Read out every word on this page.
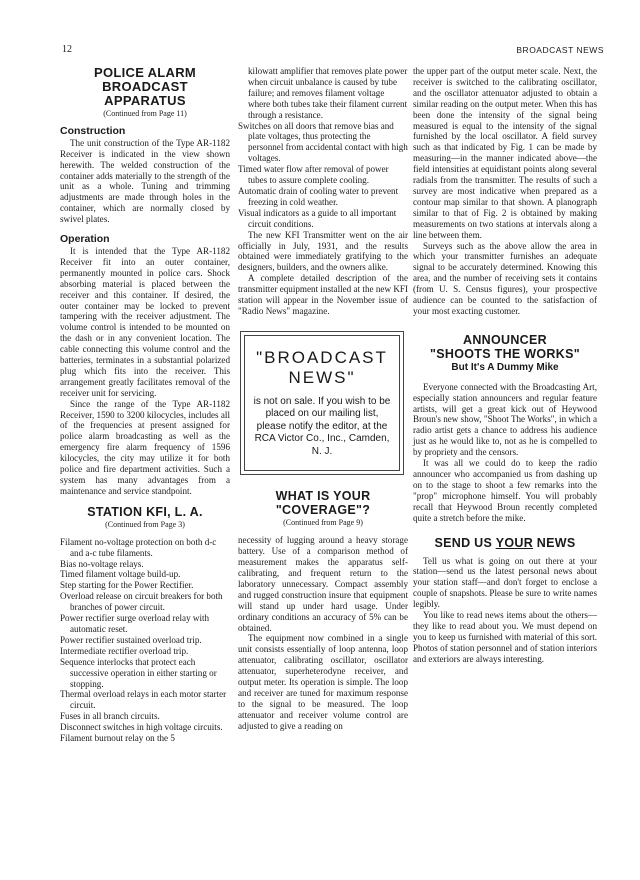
12	BROADCAST NEWS
POLICE ALARM
BROADCAST APPARATUS

(Continued from Page 11)

Construction

The unit construction of the Type AR-1182 Receiver is indicated in the view shown herewith. The welded construction of the container adds materially to the strength of the unit as a whole. Tuning and trimming adjustments are made through holes in the container, which are normally closed by swivel plates.

Operation

It is intended that the Type AR-1182 Receiver fit into an outer container, permanently mounted in police cars. Shock absorbing material is placed between the receiver and this container. If desired, the outer container may be locked to prevent tampering with the receiver adjustment. The volume control is intended to be mounted on the dash or in any convenient location. The cable connecting this volume control and the batteries, terminates in a substantial polarized plug which fits into the receiver. This arrangement greatly facilitates removal of the receiver unit for servicing.

Since the range of the Type AR-1182 Receiver, 1590 to 3200 kilocycles, includes all of the frequencies at present assigned for police alarm broadcasting as well as the emergency fire alarm frequency of 1596 kilocycles, the city may utilize it for both police and fire department activities. Such a system has many advantages from a maintenance and service standpoint.

STATION KFI, L. A.

(Continued from Page 3)

Filament no-voltage protection on both d-c and a-c tube filaments.

Bias no-voltage relays.

Timed filament voltage build-up.

Step starting for the Power Rectifier.

Overload release on circuit breakers for both branches of power circuit.

Power rectifier surge overload relay with automatic reset.

Power rectifier sustained overload trip.

Intermediate rectifier overload trip.

Sequence interlocks that protect each successive operation in either starting or stopping.

Thermal overload relays in each motor starter circuit.

Fuses in all branch circuits.

Disconnect switches in high voltage circuits.

Filament burnout relay on the 5

kilowatt amplifier that removes plate power when circuit unbalance is caused by tube failure; and removes filament voltage where both tubes take their filament current through a resistance.

Switches on all doors that remove bias and plate voltages, thus protecting the personnel from accidental contact with high voltages.

Timed water flow after removal of power tubes to assure complete cooling.

Automatic drain of cooling water to prevent freezing in cold weather.

Visual indicators as a guide to all important circuit conditions.

The new KFI Transmitter went on the air officially in July, 1931, and the results obtained were immediately gratifying to the designers, builders, and the owners alike.

A complete detailed description of the transmitter equipment installed at the new KFI station will appear in the November issue of "Radio News" magazine.

"BROADCAST
NEWS"
is not on sale. If you wish to be placed on our mailing list, please notify the editor, at the RCA Victor Co., Inc., Camden, N. J.
WHAT IS YOUR
"COVERAGE"?

(Continued from Page 9)

necessity of lugging around a heavy storage battery. Use of a comparison method of measurement makes the apparatus self-calibrating, and frequent return to the laboratory unnecessary. Compact assembly and rugged construction insure that equipment will stand up under hard usage. Under ordinary conditions an accuracy of 5% can be obtained.

The equipment now combined in a single unit consists essentially of loop antenna, loop attenuator, calibrating oscillator, oscillator attenuator, superheterodyne receiver, and output meter. Its operation is simple. The loop and receiver are tuned for maximum response to the signal to be measured. The loop attenuator and receiver volume control are adjusted to give a reading on

the upper part of the output meter scale. Next, the receiver is switched to the calibrating oscillator, and the oscillator attenuator adjusted to obtain a similar reading on the output meter. When this has been done the intensity of the signal being measured is equal to the intensity of the signal furnished by the local oscillator. A field survey such as that indicated by Fig. 1 can be made by measuring—in the manner indicated above—the field intensities at equidistant points along several radials from the transmitter. The results of such a survey are most indicative when prepared as a contour map similar to that shown. A planograph similar to that of Fig. 2 is obtained by making measurements on two stations at intervals along a line between them.

Surveys such as the above allow the area in which your transmitter furnishes an adequate signal to be accurately determined. Knowing this area, and the number of receiving sets it contains (from U. S. Census figures), your prospective audience can be counted to the satisfaction of your most exacting customer.

ANNOUNCER
"SHOOTS THE WORKS"
But It's A Dummy Mike

Everyone connected with the Broadcasting Art, especially station announcers and regular feature artists, will get a great kick out of Heywood Broun's new show, "Shoot The Works", in which a radio artist gets a chance to address his audience just as he would like to, not as he is compelled to by propriety and the censors.

It was all we could do to keep the radio announcer who accompanied us from dashing up on to the stage to shoot a few remarks into the "prop" microphone himself. You will probably recall that Heywood Broun recently completed quite a stretch before the mike.

SEND US YOUR NEWS

Tell us what is going on out there at your station—send us the latest personal news about your station staff—and don't forget to enclose a couple of snapshots. Please be sure to write names legibly.

You like to read news items about the others—they like to read about you. We must depend on you to keep us furnished with material of this sort. Photos of station personnel and of station interiors and exteriors are always interesting.
